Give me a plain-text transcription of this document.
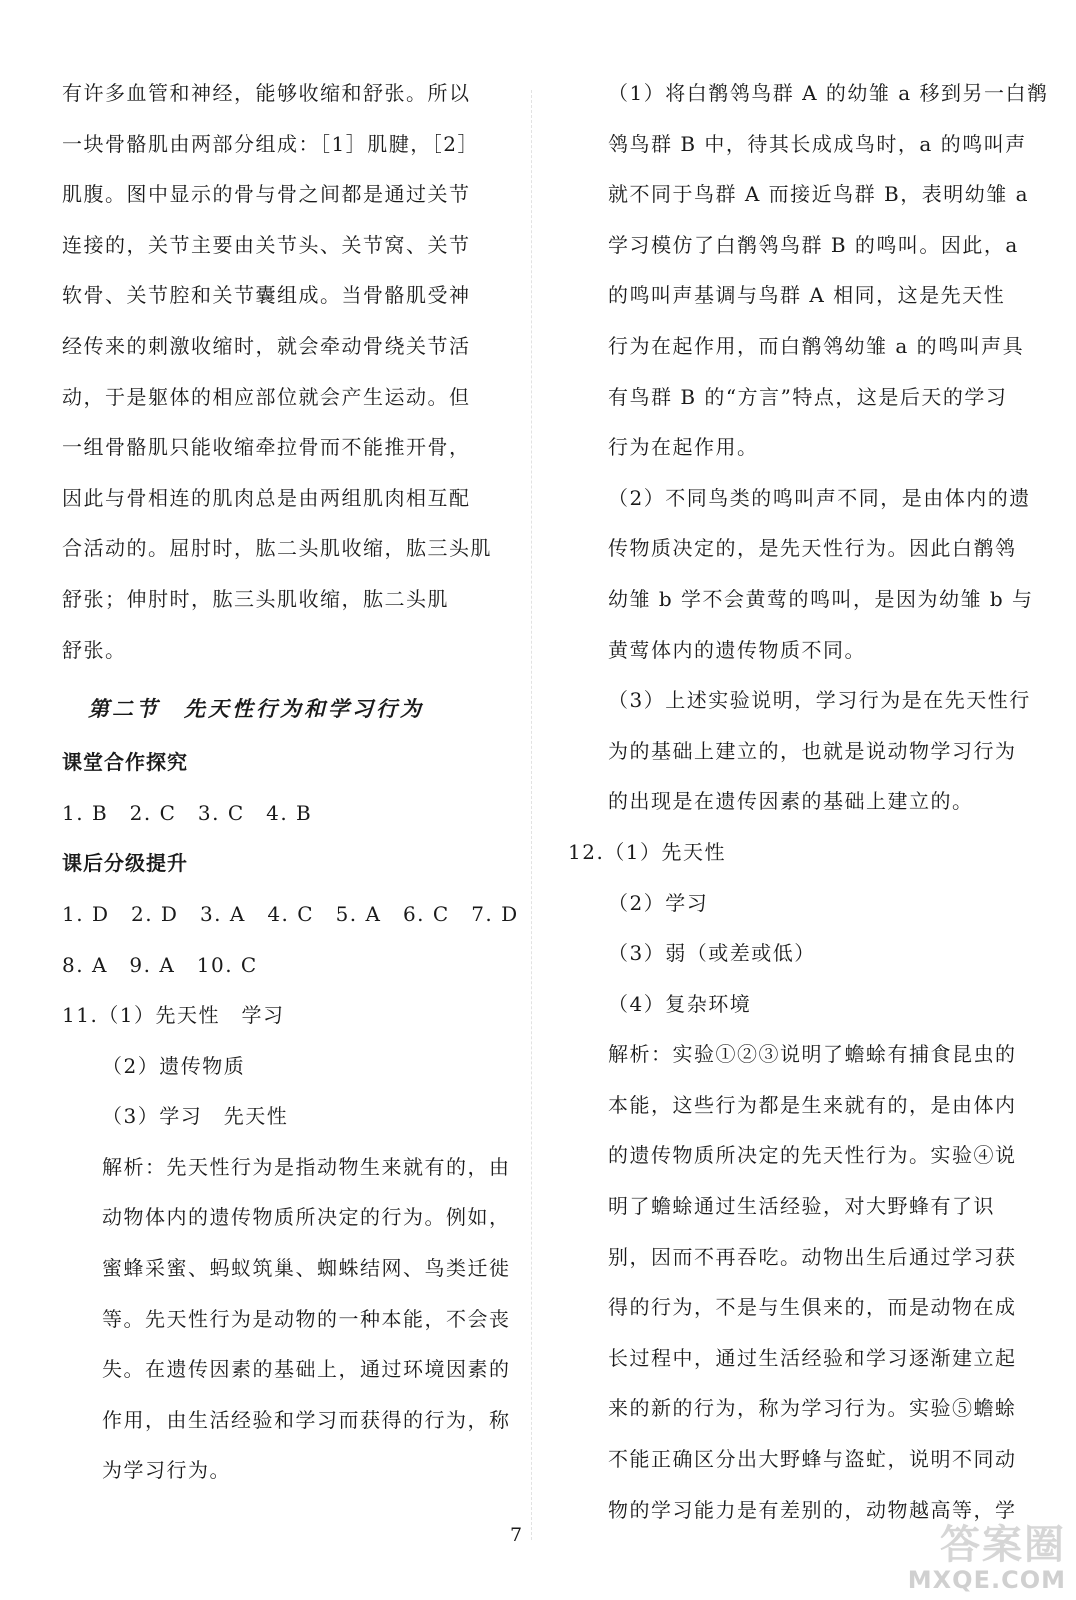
有许多血管和神经，能够收缩和舒张。所以
一块骨骼肌由两部分组成：［1］肌腱，［2］
肌腹。图中显示的骨与骨之间都是通过关节
连接的，关节主要由关节头、关节窝、关节
软骨、关节腔和关节囊组成。当骨骼肌受神
经传来的刺激收缩时，就会牵动骨绕关节活
动，于是躯体的相应部位就会产生运动。但
一组骨骼肌只能收缩牵拉骨而不能推开骨，
因此与骨相连的肌肉总是由两组肌肉相互配
合活动的。屈肘时，肱二头肌收缩，肱三头肌
舒张；伸肘时，肱三头肌收缩，肱二头肌
舒张。
第二节　先天性行为和学习行为
课堂合作探究
1. B　2. C　3. C　4. B
课后分级提升
1. D　2. D　3. A　4. C　5. A　6. C　7. D
8. A　9. A　10. C
11.（1）先天性　学习
（2）遗传物质
（3）学习　先天性
解析：先天性行为是指动物生来就有的，由
动物体内的遗传物质所决定的行为。例如，
蜜蜂采蜜、蚂蚁筑巢、蜘蛛结网、鸟类迁徙
等。先天性行为是动物的一种本能，不会丧
失。在遗传因素的基础上，通过环境因素的
作用，由生活经验和学习而获得的行为，称
为学习行为。
（1）将白鹡鸰鸟群 A 的幼雏 a 移到另一白鹡
鸰鸟群 B 中，待其长成成鸟时，a 的鸣叫声
就不同于鸟群 A 而接近鸟群 B，表明幼雏 a
学习模仿了白鹡鸰鸟群 B 的鸣叫。因此，a
的鸣叫声基调与鸟群 A 相同，这是先天性
行为在起作用，而白鹡鸰幼雏 a 的鸣叫声具
有鸟群 B 的“方言”特点，这是后天的学习
行为在起作用。
（2）不同鸟类的鸣叫声不同，是由体内的遗
传物质决定的，是先天性行为。因此白鹡鸰
幼雏 b 学不会黄莺的鸣叫，是因为幼雏 b 与
黄莺体内的遗传物质不同。
（3）上述实验说明，学习行为是在先天性行
为的基础上建立的，也就是说动物学习行为
的出现是在遗传因素的基础上建立的。
12.（1）先天性
（2）学习
（3）弱（或差或低）
（4）复杂环境
解析：实验①②③说明了蟾蜍有捕食昆虫的
本能，这些行为都是生来就有的，是由体内
的遗传物质所决定的先天性行为。实验④说
明了蟾蜍通过生活经验，对大野蜂有了识
别，因而不再吞吃。动物出生后通过学习获
得的行为，不是与生俱来的，而是动物在成
长过程中，通过生活经验和学习逐渐建立起
来的新的行为，称为学习行为。实验⑤蟾蜍
不能正确区分出大野蜂与盗虻，说明不同动
物的学习能力是有差别的，动物越高等，学
7	答案圈
MXQE.COM
